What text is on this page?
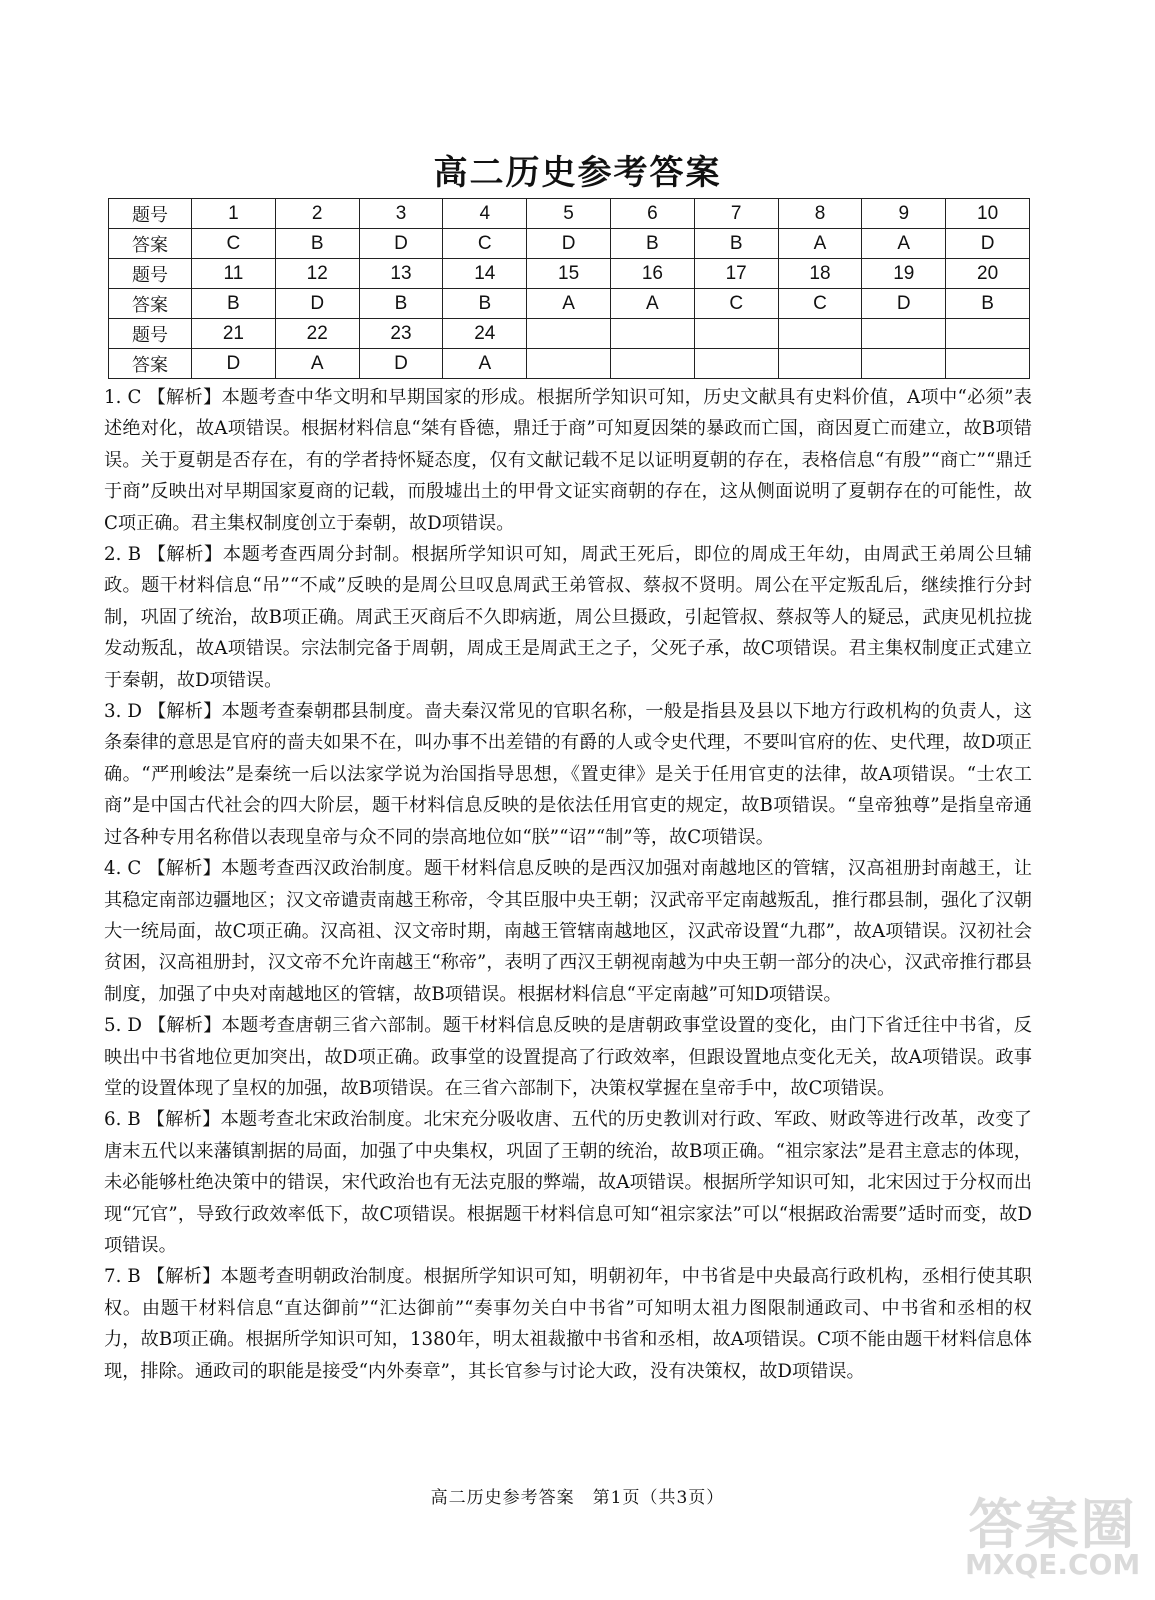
高二历史参考答案
题号	1	2	3	4	5	6	7	8	9	10
答案	C	B	D	C	D	B	B	A	A	D
题号	11	12	13	14	15	16	17	18	19	20
答案	B	D	B	B	A	A	C	C	D	B
题号	21	22	23	24						
答案	D	A	D	A						

1. C 【解析】本题考查中华文明和早期国家的形成。根据所学知识可知，历史文献具有史料价值，A项中“必须”表述绝对化，故A项错误。根据材料信息“桀有昏德，鼎迁于商”可知夏因桀的暴政而亡国，商因夏亡而建立，故B项错误。关于夏朝是否存在，有的学者持怀疑态度，仅有文献记载不足以证明夏朝的存在，表格信息“有殷”“商亡”“鼎迁于商”反映出对早期国家夏商的记载，而殷墟出土的甲骨文证实商朝的存在，这从侧面说明了夏朝存在的可能性，故C项正确。君主集权制度创立于秦朝，故D项错误。

2. B 【解析】本题考查西周分封制。根据所学知识可知，周武王死后，即位的周成王年幼，由周武王弟周公旦辅政。题干材料信息“吊”“不咸”反映的是周公旦叹息周武王弟管叔、蔡叔不贤明。周公在平定叛乱后，继续推行分封制，巩固了统治，故B项正确。周武王灭商后不久即病逝，周公旦摄政，引起管叔、蔡叔等人的疑忌，武庚见机拉拢发动叛乱，故A项错误。宗法制完备于周朝，周成王是周武王之子，父死子承，故C项错误。君主集权制度正式建立于秦朝，故D项错误。

3. D 【解析】本题考查秦朝郡县制度。啬夫秦汉常见的官职名称，一般是指县及县以下地方行政机构的负责人，这条秦律的意思是官府的啬夫如果不在，叫办事不出差错的有爵的人或令史代理，不要叫官府的佐、史代理，故D项正确。“严刑峻法”是秦统一后以法家学说为治国指导思想，《置吏律》是关于任用官吏的法律，故A项错误。“士农工商”是中国古代社会的四大阶层，题干材料信息反映的是依法任用官吏的规定，故B项错误。“皇帝独尊”是指皇帝通过各种专用名称借以表现皇帝与众不同的崇高地位如“朕”“诏”“制”等，故C项错误。

4. C 【解析】本题考查西汉政治制度。题干材料信息反映的是西汉加强对南越地区的管辖，汉高祖册封南越王，让其稳定南部边疆地区；汉文帝谴责南越王称帝，令其臣服中央王朝；汉武帝平定南越叛乱，推行郡县制，强化了汉朝大一统局面，故C项正确。汉高祖、汉文帝时期，南越王管辖南越地区，汉武帝设置“九郡”，故A项错误。汉初社会贫困，汉高祖册封，汉文帝不允许南越王“称帝”，表明了西汉王朝视南越为中央王朝一部分的决心，汉武帝推行郡县制度，加强了中央对南越地区的管辖，故B项错误。根据材料信息“平定南越”可知D项错误。

5. D 【解析】本题考查唐朝三省六部制。题干材料信息反映的是唐朝政事堂设置的变化，由门下省迁往中书省，反映出中书省地位更加突出，故D项正确。政事堂的设置提高了行政效率，但跟设置地点变化无关，故A项错误。政事堂的设置体现了皇权的加强，故B项错误。在三省六部制下，决策权掌握在皇帝手中，故C项错误。

6. B 【解析】本题考查北宋政治制度。北宋充分吸收唐、五代的历史教训对行政、军政、财政等进行改革，改变了唐末五代以来藩镇割据的局面，加强了中央集权，巩固了王朝的统治，故B项正确。“祖宗家法”是君主意志的体现，未必能够杜绝决策中的错误，宋代政治也有无法克服的弊端，故A项错误。根据所学知识可知，北宋因过于分权而出现“冗官”，导致行政效率低下，故C项错误。根据题干材料信息可知“祖宗家法”可以“根据政治需要”适时而变，故D项错误。

7. B 【解析】本题考查明朝政治制度。根据所学知识可知，明朝初年，中书省是中央最高行政机构，丞相行使其职权。由题干材料信息“直达御前”“汇达御前”“奏事勿关白中书省”可知明太祖力图限制通政司、中书省和丞相的权力，故B项正确。根据所学知识可知，1380年，明太祖裁撤中书省和丞相，故A项错误。C项不能由题干材料信息体现，排除。通政司的职能是接受“内外奏章”，其长官参与讨论大政，没有决策权，故D项错误。

高二历史参考答案　第1页（共3页）	答案圈
MXQE.COM
